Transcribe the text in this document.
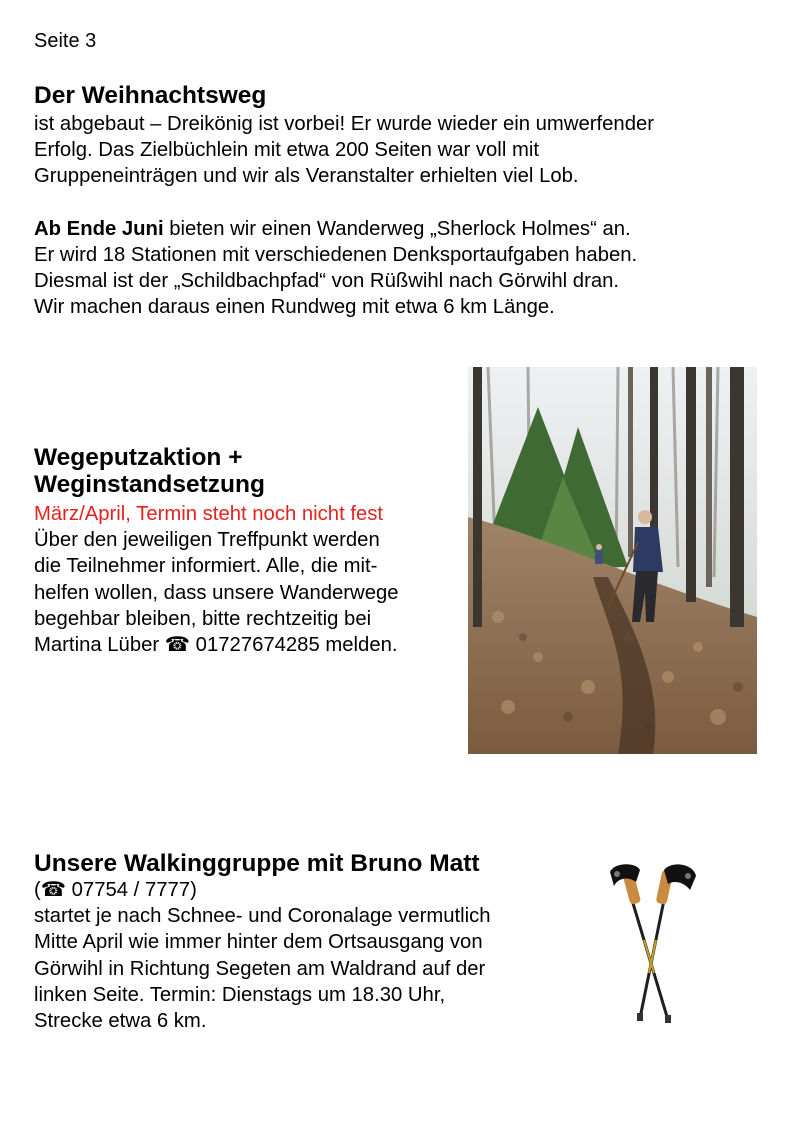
Seite 3
Der Weihnachtsweg

ist abgebaut – Dreikönig ist vorbei! Er wurde wieder ein umwerfender

Erfolg. Das Zielbüchlein mit etwa 200 Seiten war voll mit

Gruppeneinträgen und wir als Veranstalter erhielten viel Lob.

Ab Ende Juni bieten wir einen Wanderweg „Sherlock Holmes“ an.

Er wird 18 Stationen mit verschiedenen Denksportaufgaben haben.

Diesmal ist der „Schildbachpfad“ von Rüßwihl nach Görwihl dran.

Wir machen daraus einen Rundweg mit etwa 6 km Länge.

Wegeputzaktion +
Weginstandsetzung

März/April, Termin steht noch nicht fest

Über den jeweiligen Treffpunkt werden

die Teilnehmer informiert. Alle, die mit-

helfen wollen, dass unsere Wanderwege

begehbar bleiben, bitte rechtzeitig bei

Martina Lüber ☎ 01727674285 melden.

Unsere Walkinggruppe mit Bruno Matt

(☎ 07754 / 7777)

startet je nach Schnee- und Coronalage vermutlich

Mitte April wie immer hinter dem Ortsausgang von

Görwihl in Richtung Segeten am Waldrand auf der

linken Seite. Termin: Dienstags um 18.30 Uhr,

Strecke etwa 6 km.
